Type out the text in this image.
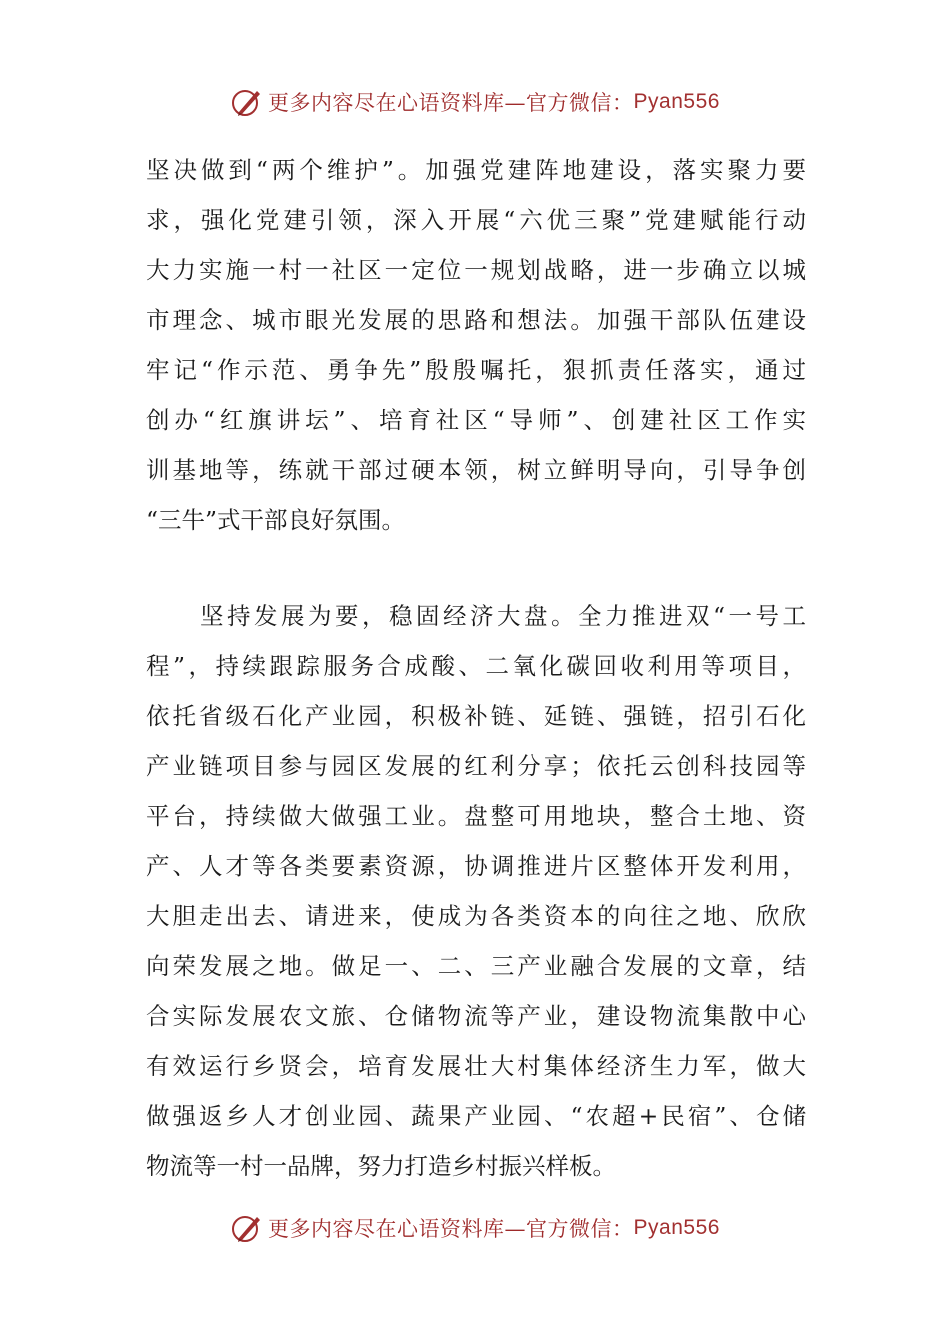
更多内容尽在心语资料库—官方微信： Pyan556
坚决做到“两个维护”。加强党建阵地建设，落实聚力要
求，强化党建引领，深入开展“六优三聚”党建赋能行动
大力实施一村一社区一定位一规划战略，进一步确立以城
市理念、城市眼光发展的思路和想法。加强干部队伍建设
牢记“作示范、勇争先”殷殷嘱托，狠抓责任落实，通过
创办“红旗讲坛”、培育社区“导师”、创建社区工作实
训基地等，练就干部过硬本领，树立鲜明导向，引导争创
“三牛”式干部良好氛围。
坚持发展为要，稳固经济大盘。全力推进双“一号工
程”，持续跟踪服务合成酸、二氧化碳回收利用等项目，
依托省级石化产业园，积极补链、延链、强链，招引石化
产业链项目参与园区发展的红利分享；依托云创科技园等
平台，持续做大做强工业。盘整可用地块，整合土地、资
产、人才等各类要素资源，协调推进片区整体开发利用，
大胆走出去、请进来，使成为各类资本的向往之地、欣欣
向荣发展之地。做足一、二、三产业融合发展的文章，结
合实际发展农文旅、仓储物流等产业，建设物流集散中心
有效运行乡贤会，培育发展壮大村集体经济生力军，做大
做强返乡人才创业园、蔬果产业园、“农超+民宿”、仓储
物流等一村一品牌，努力打造乡村振兴样板。
更多内容尽在心语资料库—官方微信： Pyan556
